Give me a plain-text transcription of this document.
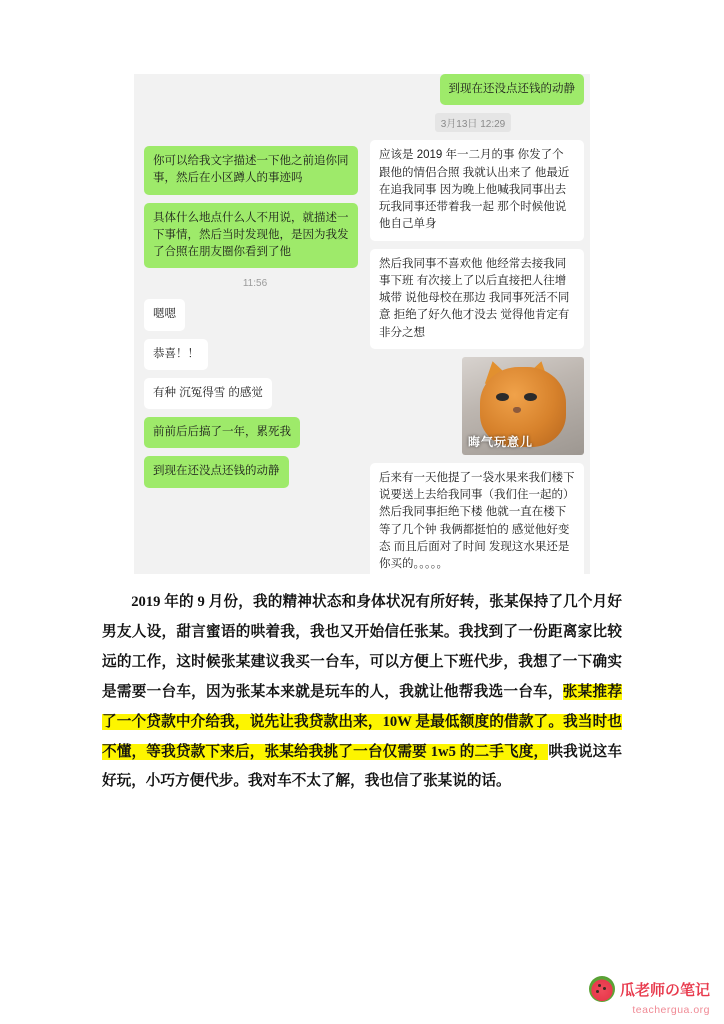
到现在还没点还钱的动静
3月13日 12:29
应该是 2019 年一二月的事 你发了个跟他的情侣合照 我就认出来了 他最近在追我同事 因为晚上他喊我同事出去玩我同事还带着我一起 那个时候他说他自己单身
然后我同事不喜欢他 他经常去接我同事下班 有次接上了以后直接把人往增城带 说他母校在那边 我同事死活不同意 拒绝了好久他才没去 觉得他肯定有非分之想
晦气玩意儿
后来有一天他提了一袋水果来我们楼下说要送上去给我同事（我们住一起的）然后我同事拒绝下楼 他就一直在楼下等了几个钟 我俩都挺怕的 感觉他好变态 而且后面对了时间 发现这水果还是你买的。。。。。
你可以给我文字描述一下他之前追你同事，然后在小区蹲人的事迹吗
具体什么地点什么人不用说，就描述一下事情，然后当时发现他，是因为我发了合照在朋友圈你看到了他
11:56
嗯嗯
恭喜！！
有种 沉冤得雪 的感觉
前前后后搞了一年，累死我
到现在还没点还钱的动静
2019 年的 9 月份，我的精神状态和身体状况有所好转，张某保持了几个月好男友人设，甜言蜜语的哄着我，我也又开始信任张某。我找到了一份距离家比较远的工作，这时候张某建议我买一台车，可以方便上下班代步，我想了一下确实是需要一台车，因为张某本来就是玩车的人，我就让他帮我选一台车，张某推荐了一个贷款中介给我，说先让我贷款出来，10W 是最低额度的借款了。我当时也不懂，等我贷款下来后，张某给我挑了一台仅需要 1w5 的二手飞度，哄我说这车好玩，小巧方便代步。我对车不太了解，我也信了张某说的话。
瓜老师の笔记
teachergua.org
